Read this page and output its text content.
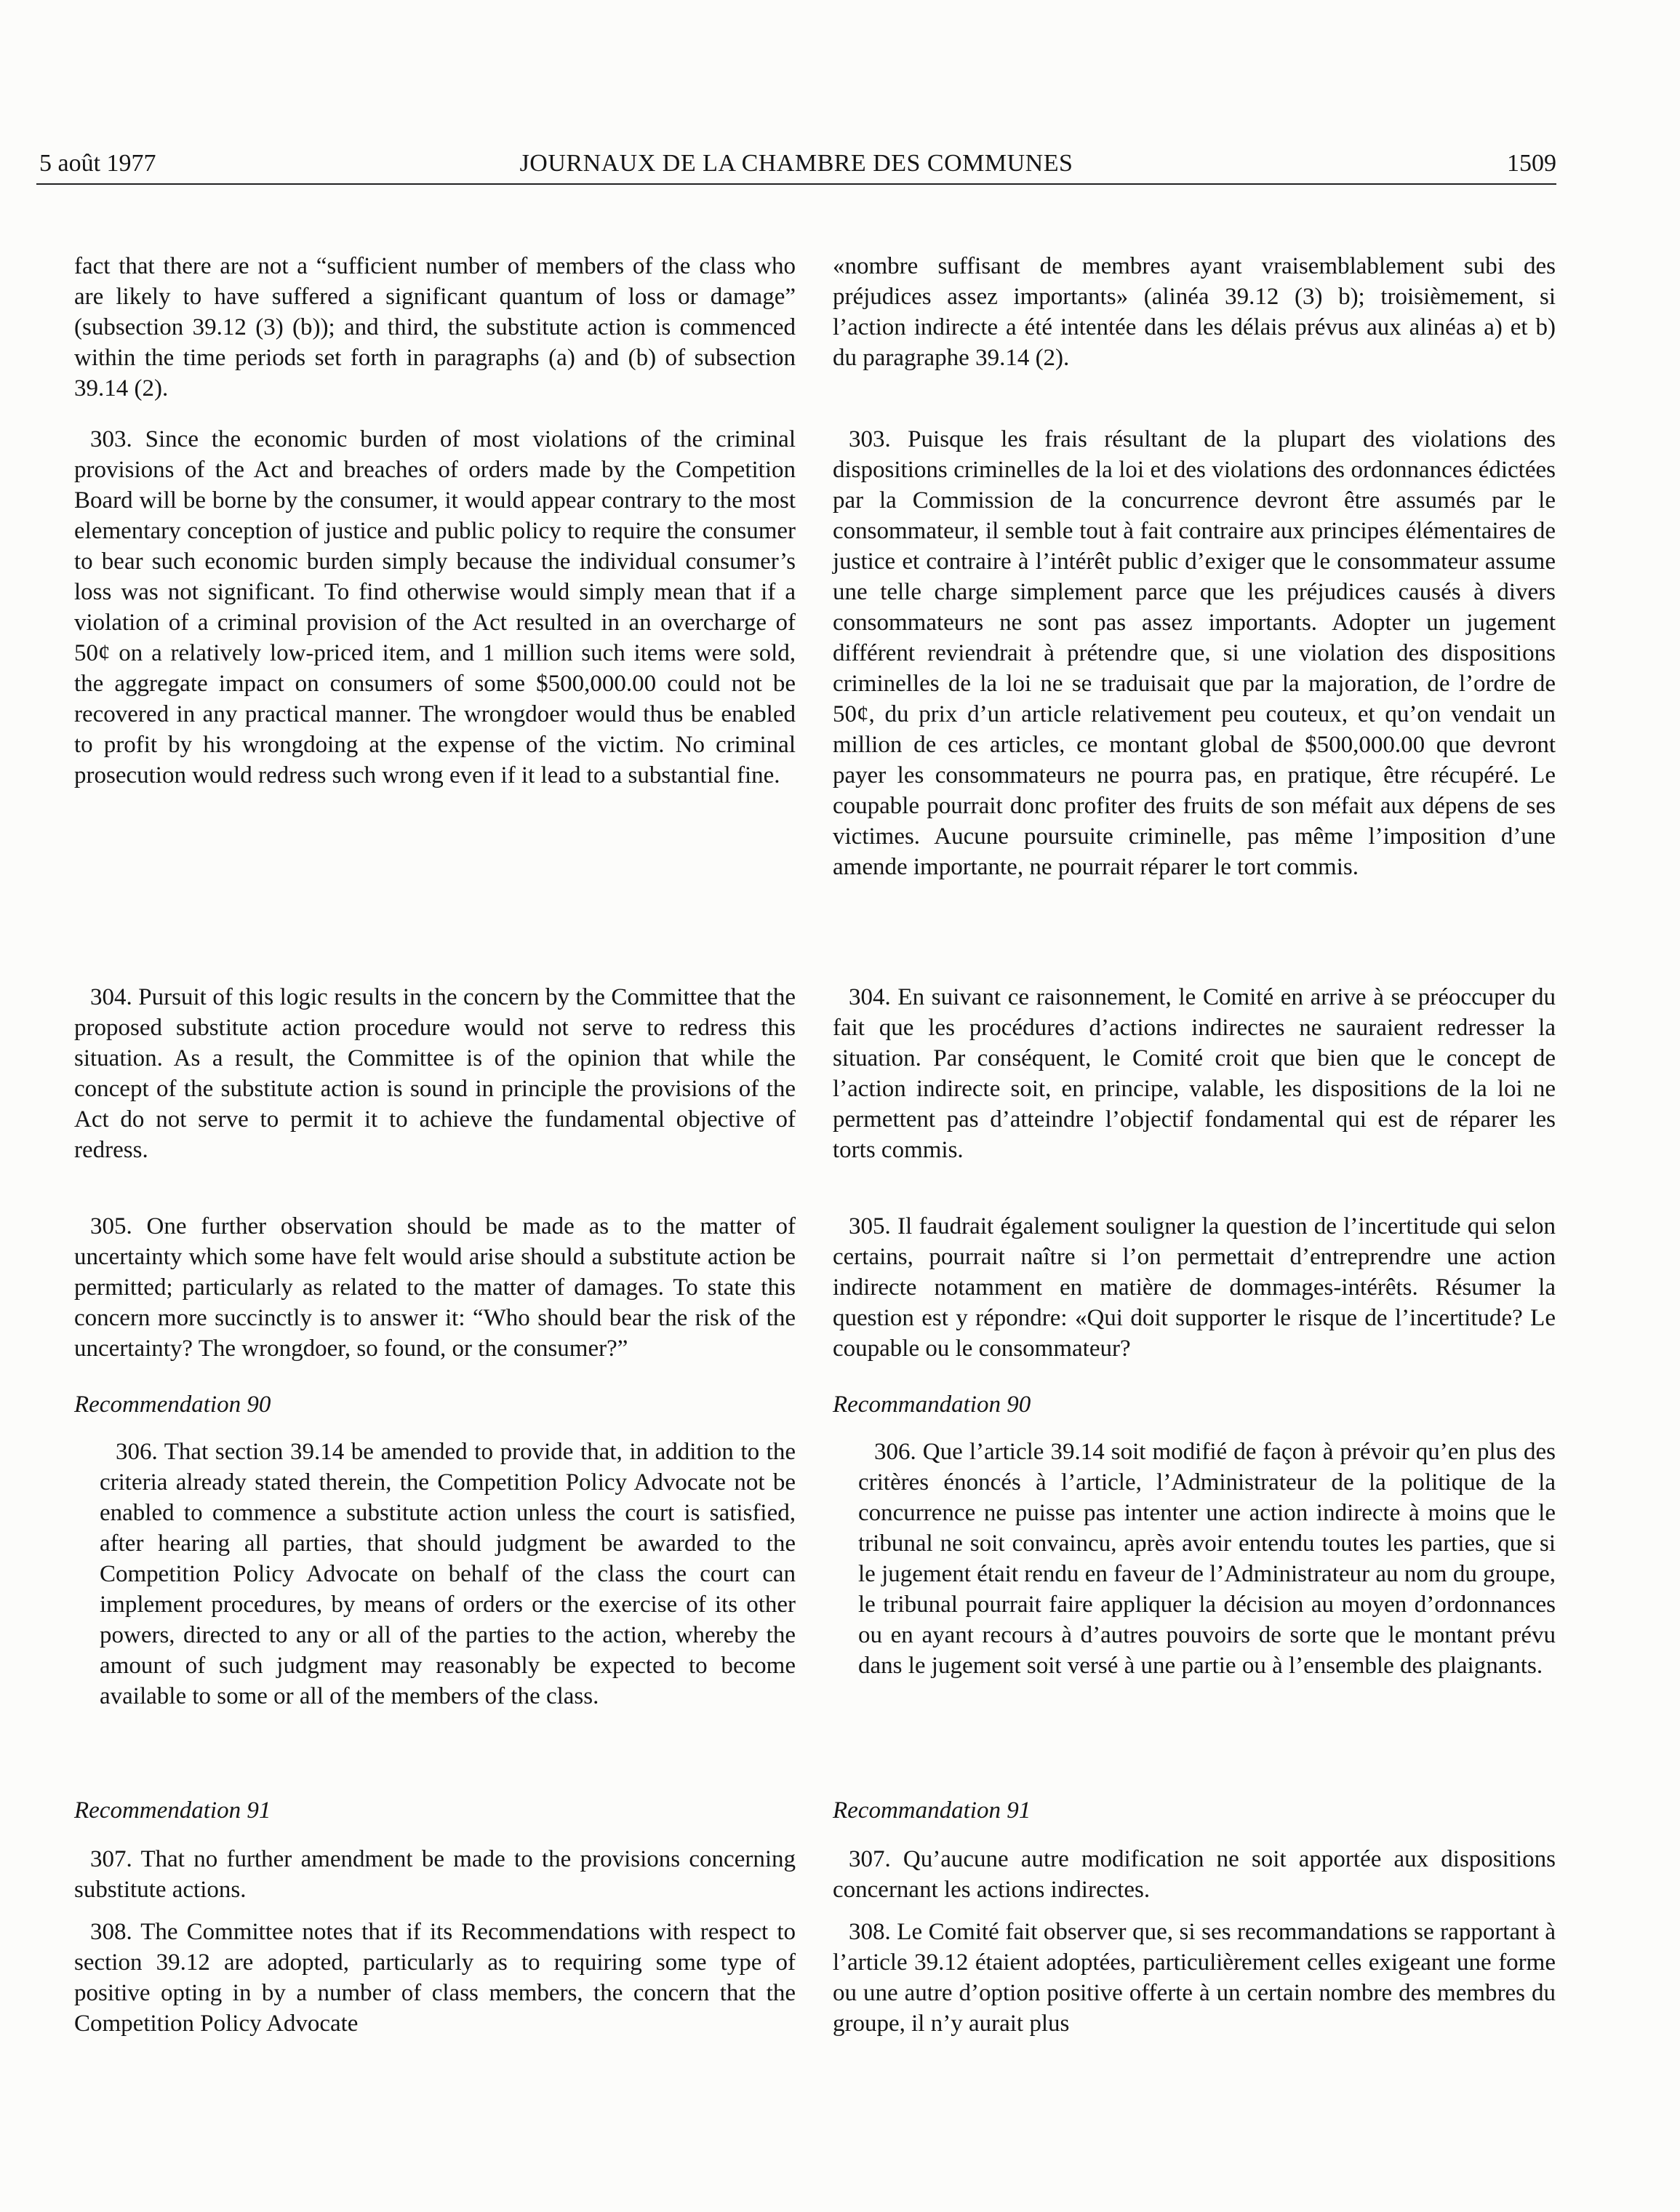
JOURNAUX DE LA CHAMBRE DES COMMUNES
5 août 1977	1509

fact that there are not a “sufficient number of members of the class who are likely to have suffered a significant quantum of loss or damage” (subsection 39.12 (3) (b)); and third, the substitute action is commenced within the time periods set forth in paragraphs (a) and (b) of subsection 39.14 (2).

303. Since the economic burden of most violations of the criminal provisions of the Act and breaches of orders made by the Competition Board will be borne by the consumer, it would appear contrary to the most elementary conception of justice and public policy to require the consumer to bear such economic burden simply because the individual consumer’s loss was not significant. To find otherwise would simply mean that if a violation of a criminal provision of the Act resulted in an overcharge of 50¢ on a relatively low-priced item, and 1 million such items were sold, the aggregate impact on consumers of some $500,000.00 could not be recovered in any practical manner. The wrongdoer would thus be enabled to profit by his wrongdoing at the expense of the victim. No criminal prosecution would redress such wrong even if it lead to a substantial fine.

304. Pursuit of this logic results in the concern by the Committee that the proposed substitute action procedure would not serve to redress this situation. As a result, the Committee is of the opinion that while the concept of the substitute action is sound in principle the provisions of the Act do not serve to permit it to achieve the fundamental objective of redress.

305. One further observation should be made as to the matter of uncertainty which some have felt would arise should a substitute action be permitted; particularly as related to the matter of damages. To state this concern more succinctly is to answer it: “Who should bear the risk of the uncertainty? The wrongdoer, so found, or the consumer?”

Recommendation 90

306. That section 39.14 be amended to provide that, in addition to the criteria already stated therein, the Competition Policy Advocate not be enabled to commence a substitute action unless the court is satisfied, after hearing all parties, that should judgment be awarded to the Competition Policy Advocate on behalf of the class the court can implement procedures, by means of orders or the exercise of its other powers, directed to any or all of the parties to the action, whereby the amount of such judgment may reasonably be expected to become available to some or all of the members of the class.

Recommendation 91

307. That no further amendment be made to the provisions concerning substitute actions.

308. The Committee notes that if its Recommendations with respect to section 39.12 are adopted, particularly as to requiring some type of positive opting in by a number of class members, the concern that the Competition Policy Advocate

«nombre suffisant de membres ayant vraisemblablement subi des préjudices assez importants» (alinéa 39.12 (3) b); troisièmement, si l’action indirecte a été intentée dans les délais prévus aux alinéas a) et b) du paragraphe 39.14 (2).

303. Puisque les frais résultant de la plupart des violations des dispositions criminelles de la loi et des violations des ordonnances édictées par la Commission de la concurrence devront être assumés par le consommateur, il semble tout à fait contraire aux principes élémentaires de justice et contraire à l’intérêt public d’exiger que le consommateur assume une telle charge simplement parce que les préjudices causés à divers consommateurs ne sont pas assez importants. Adopter un jugement différent reviendrait à prétendre que, si une violation des dispositions criminelles de la loi ne se traduisait que par la majoration, de l’ordre de 50¢, du prix d’un article relativement peu couteux, et qu’on vendait un million de ces articles, ce montant global de $500,000.00 que devront payer les consommateurs ne pourra pas, en pratique, être récupéré. Le coupable pourrait donc profiter des fruits de son méfait aux dépens de ses victimes. Aucune poursuite criminelle, pas même l’imposition d’une amende importante, ne pourrait réparer le tort commis.

304. En suivant ce raisonnement, le Comité en arrive à se préoccuper du fait que les procédures d’actions indirectes ne sauraient redresser la situation. Par conséquent, le Comité croit que bien que le concept de l’action indirecte soit, en principe, valable, les dispositions de la loi ne permettent pas d’atteindre l’objectif fondamental qui est de réparer les torts commis.

305. Il faudrait également souligner la question de l’incertitude qui selon certains, pourrait naître si l’on permettait d’entreprendre une action indirecte notamment en matière de dommages-intérêts. Résumer la question est y répondre: «Qui doit supporter le risque de l’incertitude? Le coupable ou le consommateur?

Recommandation 90

306. Que l’article 39.14 soit modifié de façon à prévoir qu’en plus des critères énoncés à l’article, l’Administrateur de la politique de la concurrence ne puisse pas intenter une action indirecte à moins que le tribunal ne soit convaincu, après avoir entendu toutes les parties, que si le jugement était rendu en faveur de l’Administrateur au nom du groupe, le tribunal pourrait faire appliquer la décision au moyen d’ordonnances ou en ayant recours à d’autres pouvoirs de sorte que le montant prévu dans le jugement soit versé à une partie ou à l’ensemble des plaignants.

Recommandation 91

307. Qu’aucune autre modification ne soit apportée aux dispositions concernant les actions indirectes.

308. Le Comité fait observer que, si ses recommandations se rapportant à l’article 39.12 étaient adoptées, particulièrement celles exigeant une forme ou une autre d’option positive offerte à un certain nombre des membres du groupe, il n’y aurait plus
